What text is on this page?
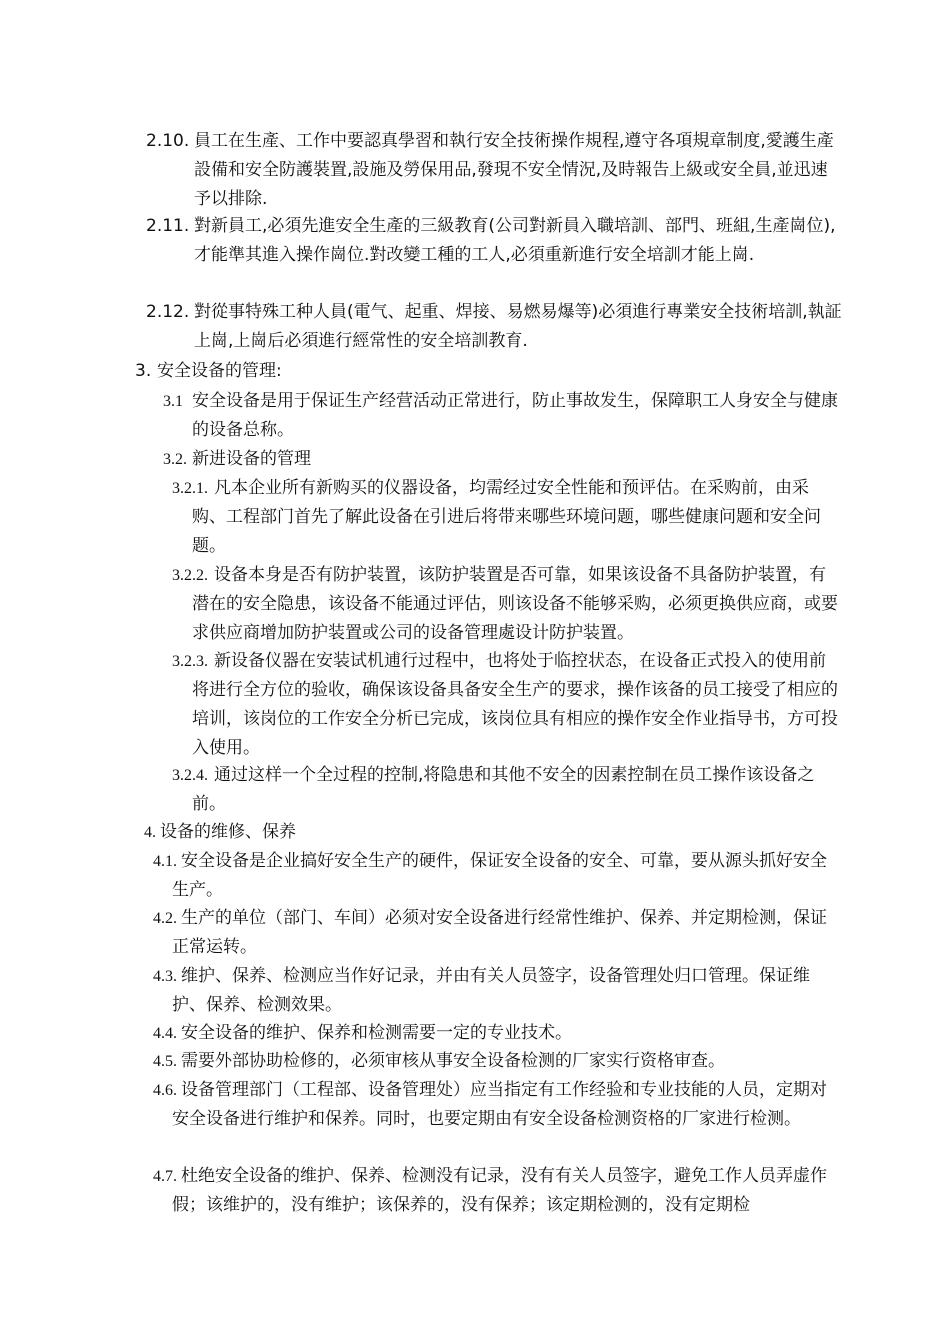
2.10. 員工在生產、工作中要認真學習和執行安全技術操作規程,遵守各項規章制度,愛護生產設備和安全防護裝置,設施及勞保用品,發現不安全情況,及時報告上級或安全員,並迅速予以排除.
2.11. 對新員工,必須先進安全生產的三級教育(公司對新員入職培訓、部門、班組,生產崗位),才能準其進入操作崗位.對改變工種的工人,必須重新進行安全培訓才能上崗.
2.12. 對從事特殊工种人員(電气、起重、焊接、易燃易爆等)必須進行專業安全技術培訓,執証上崗,上崗后必須進行經常性的安全培訓教育.
3. 安全设备的管理:
3.1 安全设备是用于保证生产经营活动正常进行，防止事故发生，保障职工人身安全与健康的设备总称。
3.2. 新进设备的管理
3.2.1. 凡本企业所有新购买的仪器设备，均需经过安全性能和预评估。在采购前，由采购、工程部门首先了解此设备在引进后将带来哪些环境问题，哪些健康问题和安全问题。
3.2.2. 设备本身是否有防护装置，该防护装置是否可靠，如果该设备不具备防护装置，有潜在的安全隐患，该设备不能通过评估，则该设备不能够采购，必须更换供应商，或要求供应商增加防护装置或公司的设备管理處设计防护装置。
3.2.3. 新设备仪器在安装试机逋行过程中，也将处于临控状态，在设备正式投入的使用前将进行全方位的验收，确保该设备具备安全生产的要求，操作该备的员工接受了相应的培训，该岗位的工作安全分析已完成，该岗位具有相应的操作安全作业指导书，方可投入使用。
3.2.4. 通过这样一个全过程的控制,将隐患和其他不安全的因素控制在员工操作该设备之前。
4. 设备的维修、保养
4.1. 安全设备是企业搞好安全生产的硬件，保证安全设备的安全、可靠，要从源头抓好安全生产。
4.2. 生产的单位（部门、车间）必须对安全设备进行经常性维护、保养、并定期检测，保证正常运转。
4.3. 维护、保养、检测应当作好记录，并由有关人员签字，设备管理处归口管理。保证维护、保养、检测效果。
4.4. 安全设备的维护、保养和检测需要一定的专业技术。
4.5. 需要外部协助检修的，必须审核从事安全设备检测的厂家实行资格审查。
4.6. 设备管理部门（工程部、设备管理处）应当指定有工作经验和专业技能的人员，定期对安全设备进行维护和保养。同时，也要定期由有安全设备检测资格的厂家进行检测。
4.7. 杜绝安全设备的维护、保养、检测没有记录，没有有关人员签字，避免工作人员弄虚作假；该维护的，没有维护；该保养的，没有保养；该定期检测的，没有定期检
